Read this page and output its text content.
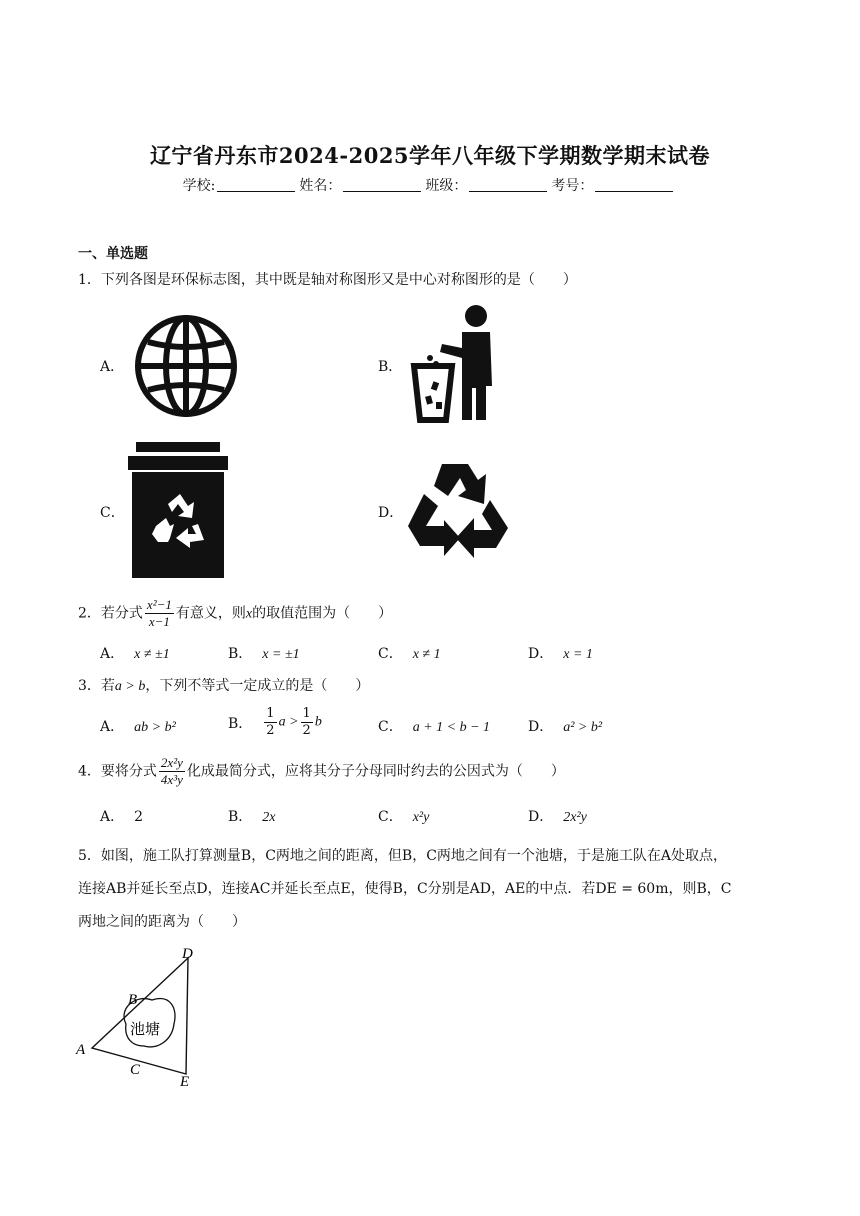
辽宁省丹东市2024-2025学年八年级下学期数学期末试卷
学校:	姓名：	班级：	考号：
一、单选题
1．下列各图是环保标志图，其中既是轴对称图形又是中心对称图形的是（　　）
A．	B．
C．	D．
2．若分式 $\frac{\text{x²−1}}{x-1}$ 有意义，则x的取值范围为（　　）
A． x ≠ ±1	B． x = ±1	C． x ≠ 1	D． x = 1
3．若a > b，下列不等式一定成立的是（　　）
A． ab > b²	B． $\frac{1}{2}$ $a > \frac{1}{2}$ b	C． a + 1 < b − 1	D． a² > b²
4．要将分式 $\frac{\text{2x²y}}{\text{4x³y}}$ 化成最简分式，应将其分子分母同时约去的公因式为（　　）
A． 2	B． 2x	C． x²y	D． 2x²y
5．如图，施工队打算测量B，C两地之间的距离，但B，C两地之间有一个池塘，于是施工队在A处取点，
连接AB并延长至点D，连接AC并延长至点E，使得B，C分别是AD，AE的中点．若DE = 60m，则B，C
两地之间的距离为（　　）
池塘
A
B
C
D
E
